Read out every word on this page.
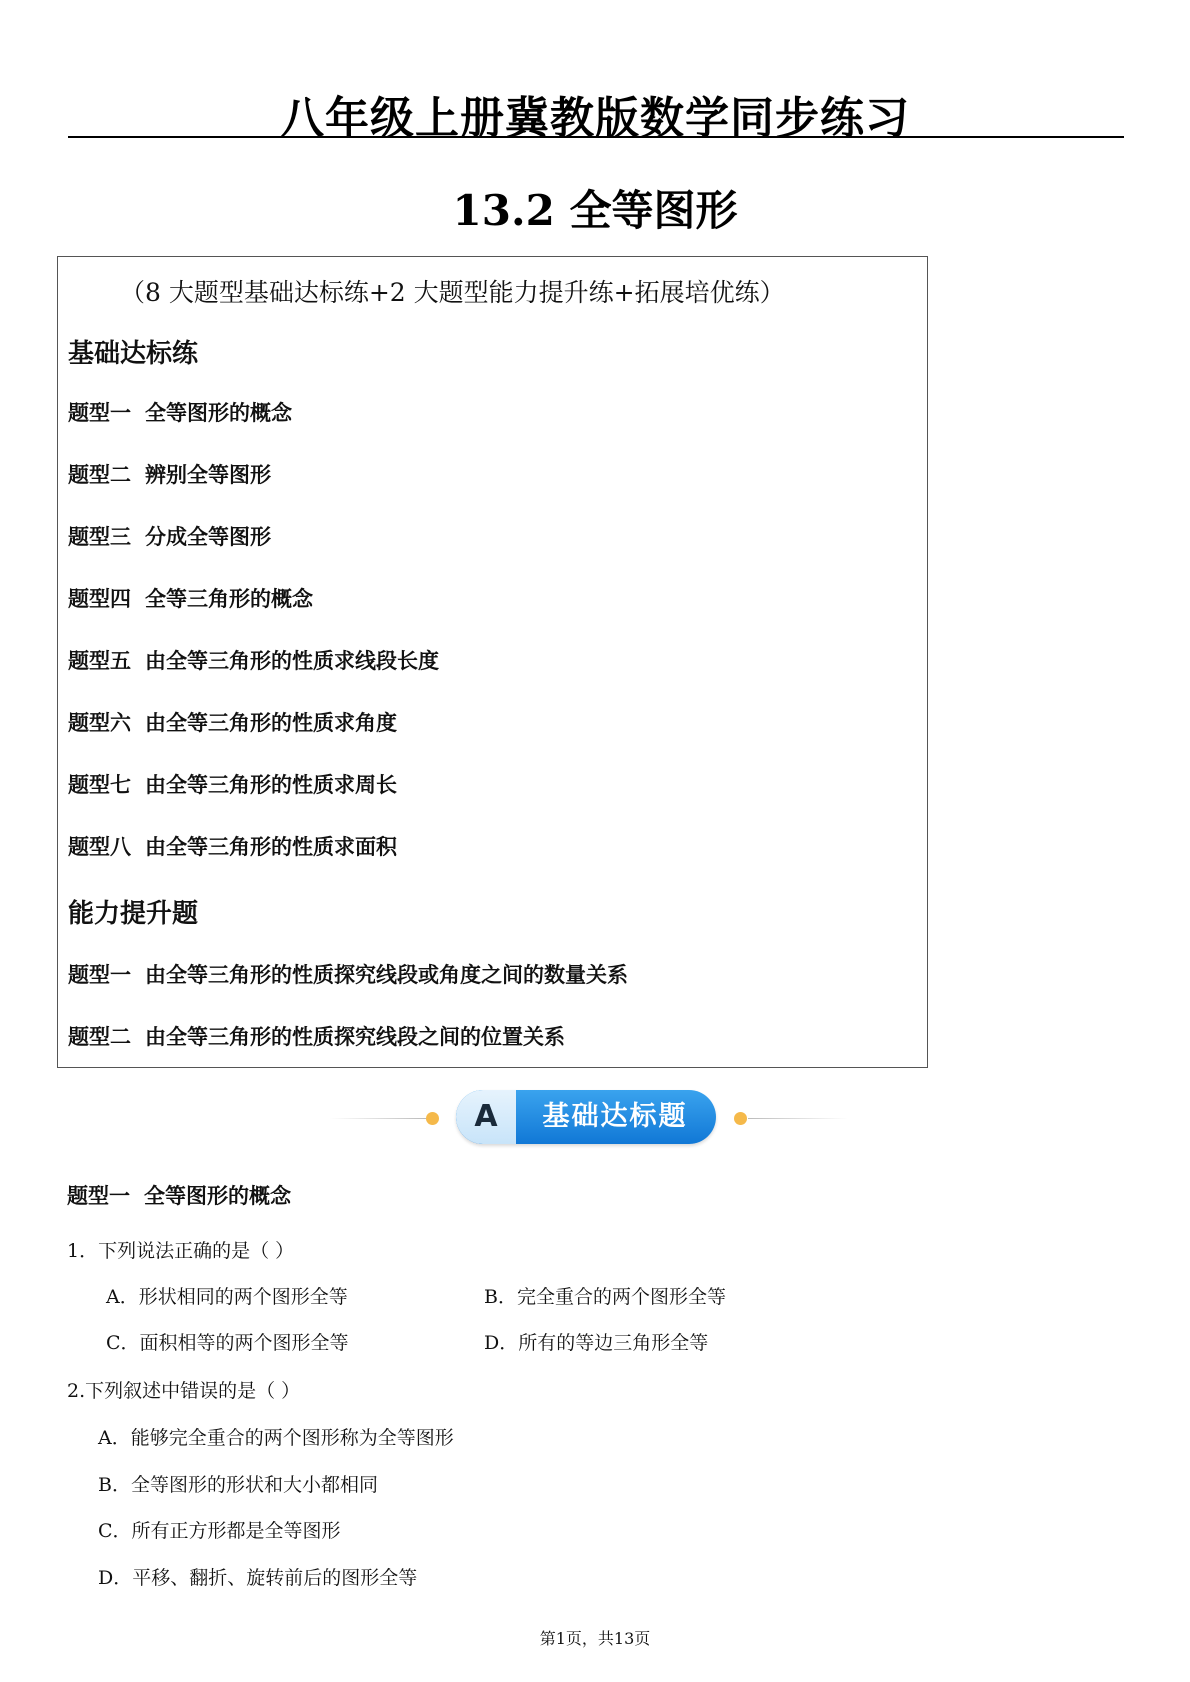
八年级上册冀教版数学同步练习
13.2 全等图形
（8 大题型基础达标练+2 大题型能力提升练+拓展培优练）
基础达标练
题型一 全等图形的概念
题型二 辨别全等图形
题型三 分成全等图形
题型四 全等三角形的概念
题型五 由全等三角形的性质求线段长度
题型六 由全等三角形的性质求角度
题型七 由全等三角形的性质求周长
题型八 由全等三角形的性质求面积
能力提升题
题型一 由全等三角形的性质探究线段或角度之间的数量关系
题型二 由全等三角形的性质探究线段之间的位置关系
A	基础达标题
题型一 全等图形的概念
1．下列说法正确的是（ ）
A．形状相同的两个图形全等	B．完全重合的两个图形全等
C．面积相等的两个图形全等	D．所有的等边三角形全等
2.下列叙述中错误的是（ ）
A．能够完全重合的两个图形称为全等图形
B．全等图形的形状和大小都相同
C．所有正方形都是全等图形
D．平移、翻折、旋转前后的图形全等
第1页，共13页
